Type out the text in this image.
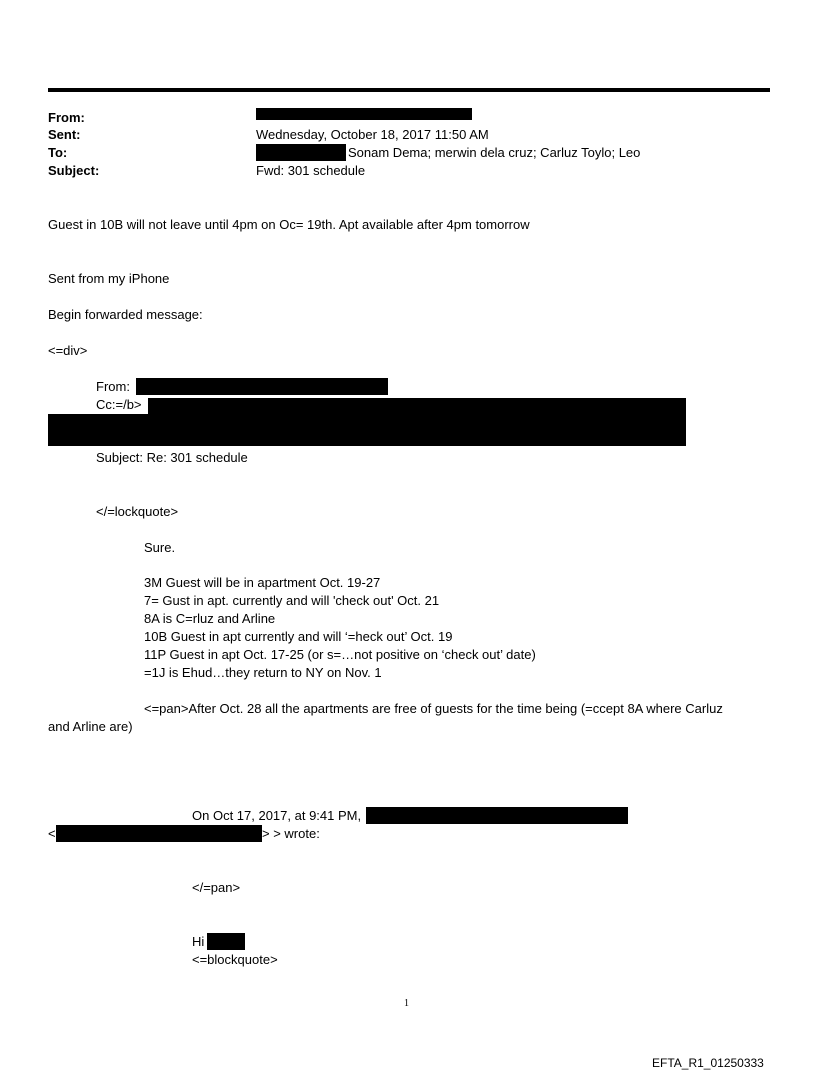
From:
Sent:	Wednesday, October 18, 2017 11:50 AM
To:	Sonam Dema; merwin dela cruz; Carluz Toylo; Leo
Subject:	Fwd: 301 schedule
Guest in 10B will not leave until 4pm on Oc= 19th. Apt available after 4pm tomorrow
Sent from my iPhone
Begin forwarded message:
<=div>
From:
Cc:=/b>
Subject: Re: 301 schedule
</=lockquote>
Sure.
3M Guest will be in apartment Oct. 19-27
7= Gust in apt. currently and will 'check out' Oct. 21
8A is C=rluz and Arline
10B Guest in apt currently and will ‘=heck out’ Oct. 19
11P Guest in apt Oct. 17-25 (or s=…not positive on ‘check out’ date)
=1J is Ehud…they return to NY on Nov. 1
<=pan>After Oct. 28 all the apartments are free of guests for the time being (=ccept 8A where Carluz
and Arline are)
On Oct 17, 2017, at 9:41 PM,
<	> > wrote:
</=pan>
Hi
<=blockquote>
1
EFTA_R1_01250333
